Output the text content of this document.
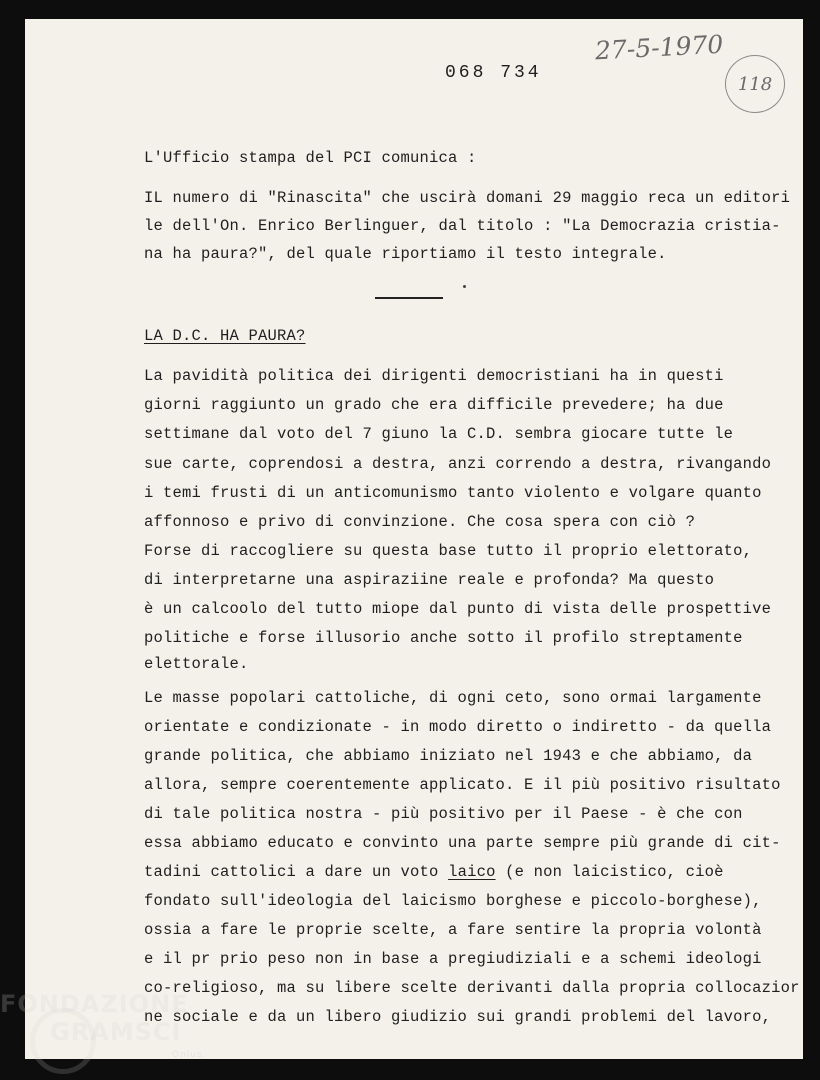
068 734
27-5-1970
118
L'Ufficio stampa del PCI comunica :
IL numero di "Rinascita" che uscirà domani 29 maggio reca un editori
le dell'On. Enrico Berlinguer, dal titolo : "La Democrazia cristia-
na ha paura?", del quale riportiamo il testo integrale.
LA D.C. HA PAURA?
La pavidità politica dei dirigenti democristiani ha in questi
giorni raggiunto un grado che era difficile prevedere; ha due
settimane dal voto del 7 giuno la C.D. sembra giocare tutte le
sue carte, coprendosi a destra, anzi correndo a destra, rivangando
i temi frusti di un anticomunismo tanto violento e volgare quanto
affonnoso e privo di convinzione. Che cosa spera con ciò ?
Forse di raccogliere su questa base tutto il proprio elettorato,
di interpretarne una aspiraziine reale e profonda? Ma questo
è un calcoolo del tutto miope dal punto di vista delle prospettive
politiche e forse illusorio anche sotto il profilo streptamente
elettorale.
Le masse popolari cattoliche, di ogni ceto, sono ormai largamente
orientate e condizionate - in modo diretto o indiretto - da quella
grande politica, che abbiamo iniziato nel 1943 e che abbiamo, da
allora, sempre coerentemente applicato. E il più positivo risultato
di tale politica nostra - più positivo per il Paese - è che con
essa abbiamo educato e convinto una parte sempre più grande di cit-
tadini cattolici a dare un voto laico (e non laicistico, cioè
fondato sull'ideologia del laicismo borghese e piccolo-borghese),
ossia a fare le proprie scelte, a fare sentire la propria volontà
e il pr prio peso non in base a pregiudiziali e a schemi ideologi
co-religioso, ma su libere scelte derivanti dalla propria collocazior
ne sociale e da un libero giudizio sui grandi problemi del lavoro,
FONDAZIONE
GRAMSCI
Onlus
